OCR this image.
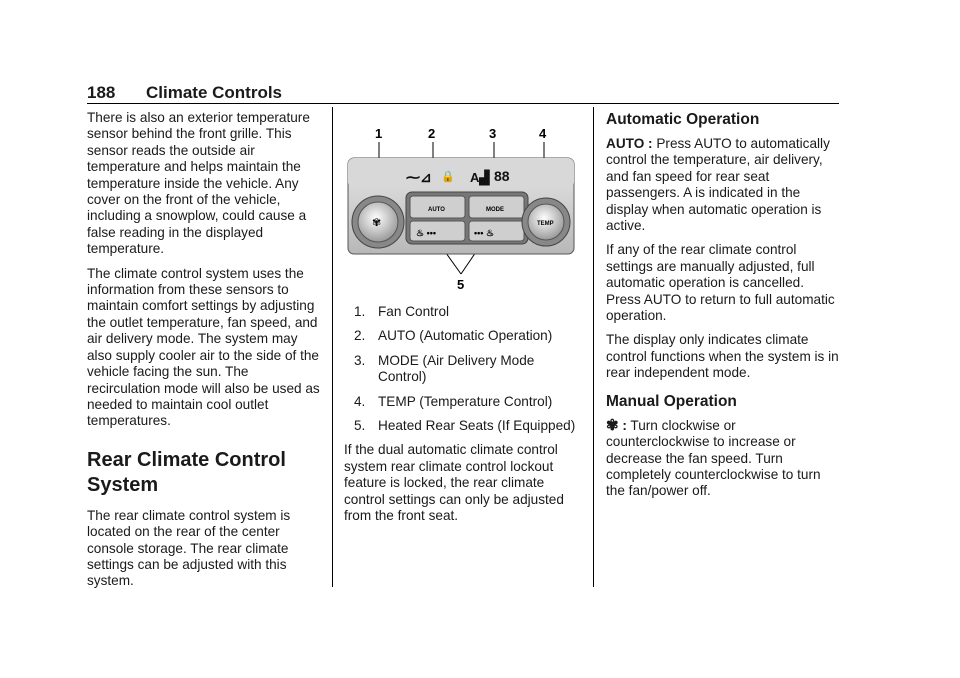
188 Climate Controls

There is also an exterior temperature sensor behind the front grille. This sensor reads the outside air temperature and helps maintain the temperature inside the vehicle. Any cover on the front of the vehicle, including a snowplow, could cause a false reading in the displayed temperature.

The climate control system uses the information from these sensors to maintain comfort settings by adjusting the outlet temperature, fan speed, and air delivery mode. The system may also supply cooler air to the side of the vehicle facing the sun. The recirculation mode will also be used as needed to maintain cool outlet temperatures.

Rear Climate Control System

The rear climate control system is located on the rear of the center console storage. The rear climate settings can be adjusted with this system.

1	2	3	4
5
⁓⊿ 🔒 A▟ 88
✾
AUTO	MODE
♨ •••	••• ♨
TEMP
1. Fan Control
2. AUTO (Automatic Operation)
3. MODE (Air Delivery Mode Control)
4. TEMP (Temperature Control)
5. Heated Rear Seats (If Equipped)

If the dual automatic climate control system rear climate control lockout feature is locked, the rear climate control settings can only be adjusted from the front seat.

Automatic Operation

AUTO : Press AUTO to automatically control the temperature, air delivery, and fan speed for rear seat passengers. A is indicated in the display when automatic operation is active.

If any of the rear climate control settings are manually adjusted, full automatic operation is cancelled. Press AUTO to return to full automatic operation.

The display only indicates climate control functions when the system is in rear independent mode.

Manual Operation

✾ : Turn clockwise or counterclockwise to increase or decrease the fan speed. Turn completely counterclockwise to turn the fan/power off.
